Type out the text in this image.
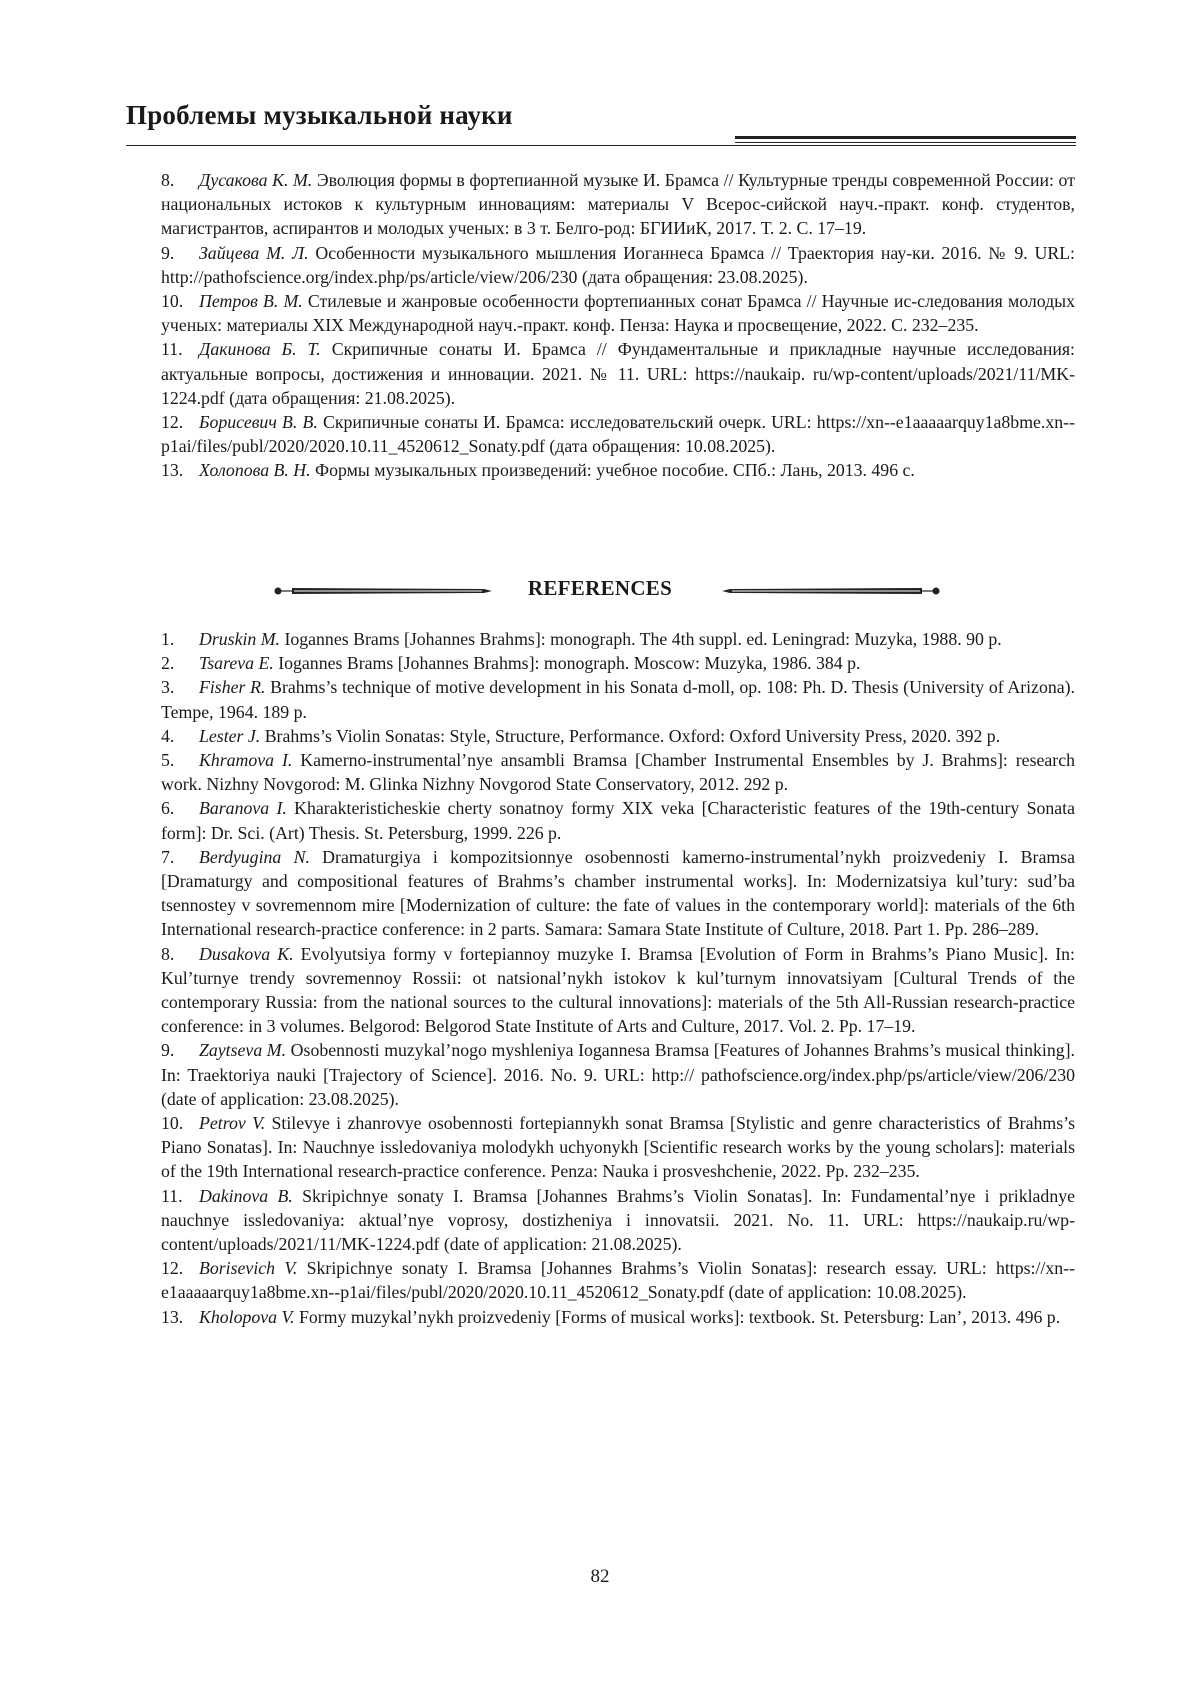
Проблемы музыкальной науки

8. Дусакова К. М. Эволюция формы в фортепианной музыке И. Брамса // Культурные тренды современной России: от национальных истоков к культурным инновациям: материалы V Всерос-сийской науч.-практ. конф. студентов, магистрантов, аспирантов и молодых ученых: в 3 т. Белго-род: БГИИиК, 2017. Т. 2. С. 17–19.

9. Зайцева М. Л. Особенности музыкального мышления Иоганнеса Брамса // Траектория нау-ки. 2016. № 9. URL: http://pathofscience.org/index.php/ps/article/view/206/230 (дата обращения: 23.08.2025).

10. Петров В. М. Стилевые и жанровые особенности фортепианных сонат Брамса // Научные ис-следования молодых ученых: материалы XIX Международной науч.-практ. конф. Пенза: Наука и просвещение, 2022. С. 232–235.

11. Дакинова Б. Т. Скрипичные сонаты И. Брамса // Фундаментальные и прикладные научные исследования: актуальные вопросы, достижения и инновации. 2021. № 11. URL: https://naukaip. ru/wp-content/uploads/2021/11/MK-1224.pdf (дата обращения: 21.08.2025).

12. Борисевич В. В. Скрипичные сонаты И. Брамса: исследовательский очерк. URL: https://xn--e1aaaaarquy1a8bme.xn--p1ai/files/publ/2020/2020.10.11_4520612_Sonaty.pdf (дата обращения: 10.08.2025).

13. Холопова В. Н. Формы музыкальных произведений: учебное пособие. СПб.: Лань, 2013. 496 с.

REFERENCES

1. Druskin M. Iogannes Brams [Johannes Brahms]: monograph. The 4th suppl. ed. Leningrad: Muzyka, 1988. 90 p.

2. Tsareva E. Iogannes Brams [Johannes Brahms]: monograph. Moscow: Muzyka, 1986. 384 p.

3. Fisher R. Brahms’s technique of motive development in his Sonata d-moll, op. 108: Ph. D. Thesis (University of Arizona). Tempe, 1964. 189 p.

4. Lester J. Brahms’s Violin Sonatas: Style, Structure, Performance. Oxford: Oxford University Press, 2020. 392 p.

5. Khramova I. Kamerno-instrumental’nye ansambli Bramsa [Chamber Instrumental Ensembles by J. Brahms]: research work. Nizhny Novgorod: M. Glinka Nizhny Novgorod State Conservatory, 2012. 292 p.

6. Baranova I. Kharakteristicheskie cherty sonatnoy formy XIX veka [Characteristic features of the 19th-century Sonata form]: Dr. Sci. (Art) Thesis. St. Petersburg, 1999. 226 p.

7. Berdyugina N. Dramaturgiya i kompozitsionnye osobennosti kamerno-instrumental’nykh proizvedeniy I. Bramsa [Dramaturgy and compositional features of Brahms’s chamber instrumental works]. In: Modernizatsiya kul’tury: sud’ba tsennostey v sovremennom mire [Modernization of culture: the fate of values in the contemporary world]: materials of the 6th International research-practice conference: in 2 parts. Samara: Samara State Institute of Culture, 2018. Part 1. Pp. 286–289.

8. Dusakova K. Evolyutsiya formy v fortepiannoy muzyke I. Bramsa [Evolution of Form in Brahms’s Piano Music]. In: Kul’turnye trendy sovremennoy Rossii: ot natsional’nykh istokov k kul’turnym innovatsiyam [Cultural Trends of the contemporary Russia: from the national sources to the cultural innovations]: materials of the 5th All-Russian research-practice conference: in 3 volumes. Belgorod: Belgorod State Institute of Arts and Culture, 2017. Vol. 2. Pp. 17–19.

9. Zaytseva M. Osobennosti muzykal’nogo myshleniya Iogannesa Bramsa [Features of Johannes Brahms’s musical thinking]. In: Traektoriya nauki [Trajectory of Science]. 2016. No. 9. URL: http:// pathofscience.org/index.php/ps/article/view/206/230 (date of application: 23.08.2025).

10. Petrov V. Stilevye i zhanrovye osobennosti fortepiannykh sonat Bramsa [Stylistic and genre characteristics of Brahms’s Piano Sonatas]. In: Nauchnye issledovaniya molodykh uchyonykh [Scientific research works by the young scholars]: materials of the 19th International research-practice conference. Penza: Nauka i prosveshchenie, 2022. Pp. 232–235.

11. Dakinova B. Skripichnye sonaty I. Bramsa [Johannes Brahms’s Violin Sonatas]. In: Fundamental’nye i prikladnye nauchnye issledovaniya: aktual’nye voprosy, dostizheniya i innovatsii. 2021. No. 11. URL: https://naukaip.ru/wp-content/uploads/2021/11/MK-1224.pdf (date of application: 21.08.2025).

12. Borisevich V. Skripichnye sonaty I. Bramsa [Johannes Brahms’s Violin Sonatas]: research essay. URL: https://xn--e1aaaaarquy1a8bme.xn--p1ai/files/publ/2020/2020.10.11_4520612_Sonaty.pdf (date of application: 10.08.2025).

13. Kholopova V. Formy muzykal’nykh proizvedeniy [Forms of musical works]: textbook. St. Petersburg: Lan’, 2013. 496 p.

82
